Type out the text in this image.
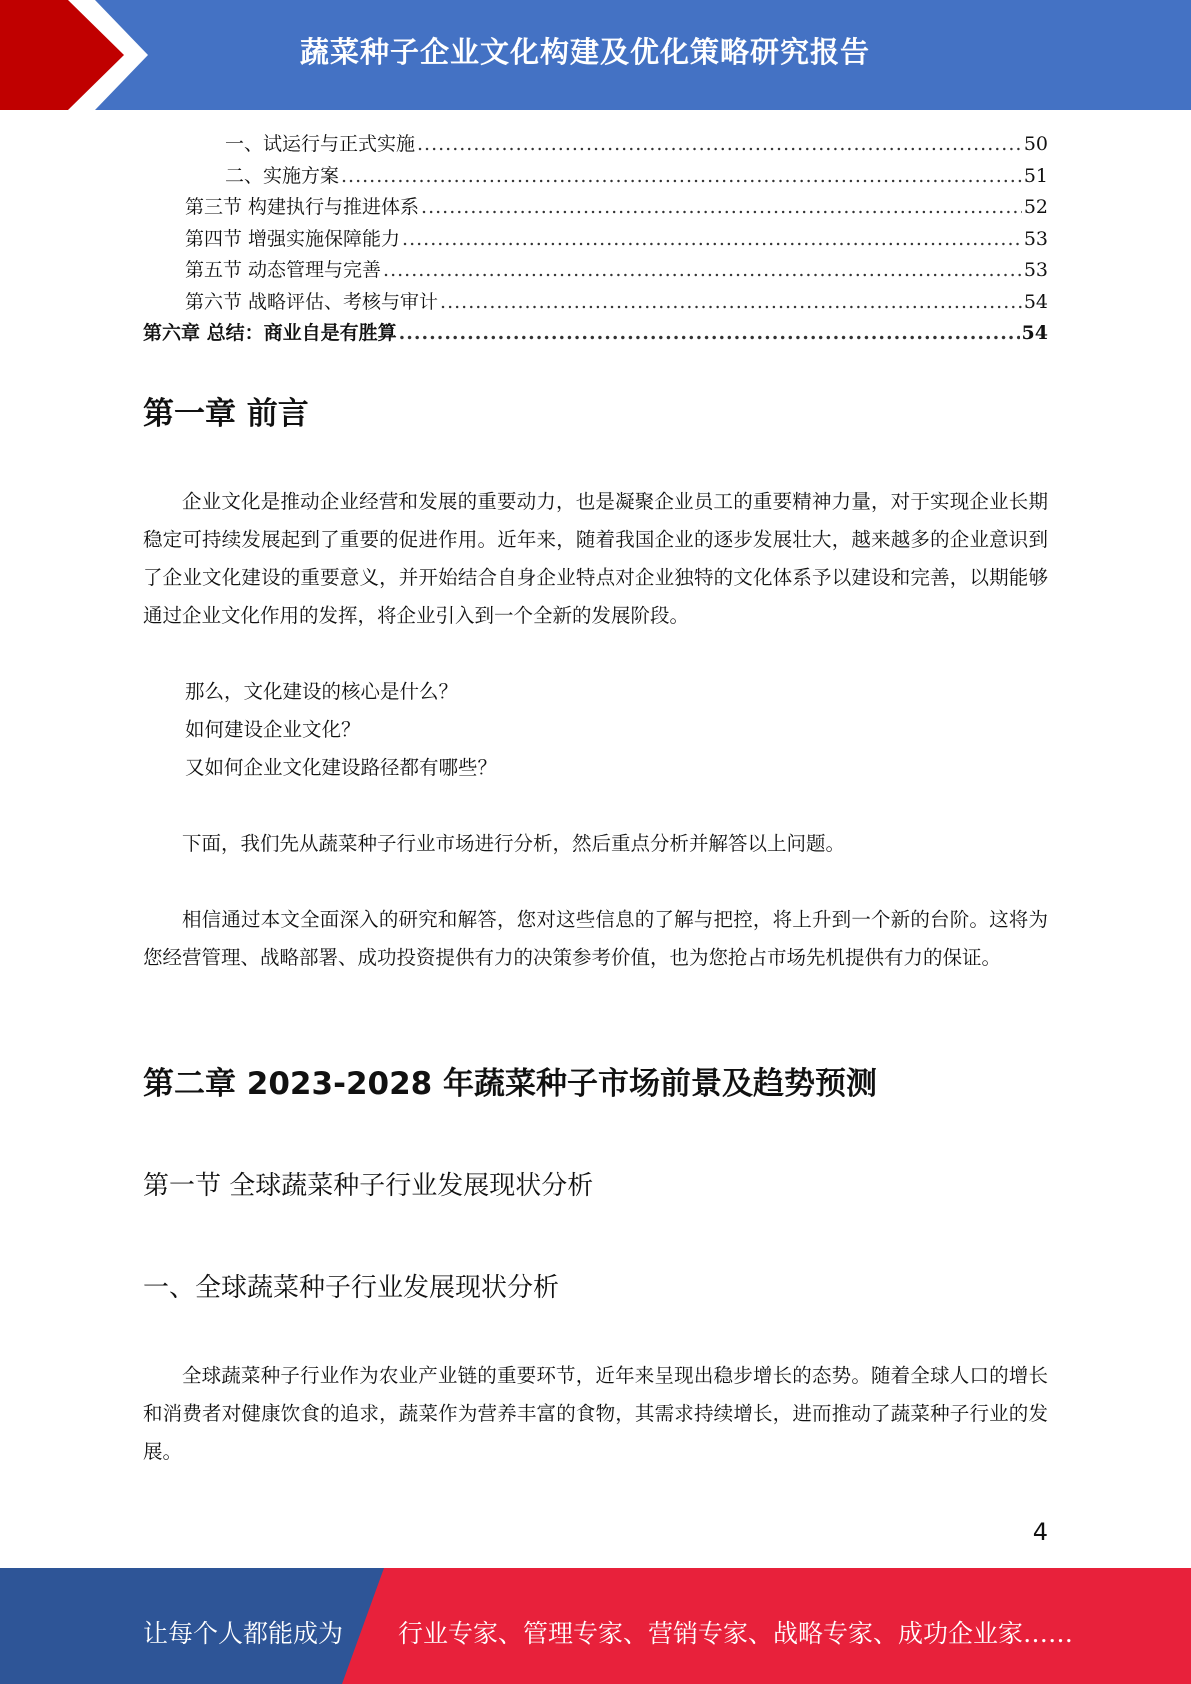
蔬菜种子企业文化构建及优化策略研究报告
一、试运行与正式实施 .....	50
二、实施方案 .....	51
第三节 构建执行与推进体系 .....	52
第四节 增强实施保障能力 .....	53
第五节 动态管理与完善 .....	53
第六节 战略评估、考核与审计 .....	54
第六章 总结：商业自是有胜算 .....	54
第一章 前言

企业文化是推动企业经营和发展的重要动力，也是凝聚企业员工的重要精神力量，对于实现企业长期稳定可持续发展起到了重要的促进作用。近年来，随着我国企业的逐步发展壮大，越来越多的企业意识到了企业文化建设的重要意义，并开始结合自身企业特点对企业独特的文化体系予以建设和完善，以期能够通过企业文化作用的发挥，将企业引入到一个全新的发展阶段。

那么，文化建设的核心是什么？
如何建设企业文化？
又如何企业文化建设路径都有哪些？

下面，我们先从蔬菜种子行业市场进行分析，然后重点分析并解答以上问题。

相信通过本文全面深入的研究和解答，您对这些信息的了解与把控，将上升到一个新的台阶。这将为您经营管理、战略部署、成功投资提供有力的决策参考价值，也为您抢占市场先机提供有力的保证。

第二章 2023-2028 年蔬菜种子市场前景及趋势预测
第一节 全球蔬菜种子行业发展现状分析
一、全球蔬菜种子行业发展现状分析

全球蔬菜种子行业作为农业产业链的重要环节，近年来呈现出稳步增长的态势。随着全球人口的增长和消费者对健康饮食的追求，蔬菜作为营养丰富的食物，其需求持续增长，进而推动了蔬菜种子行业的发展。

4
让每个人都能成为 行业专家、管理专家、营销专家、战略专家、成功企业家……
